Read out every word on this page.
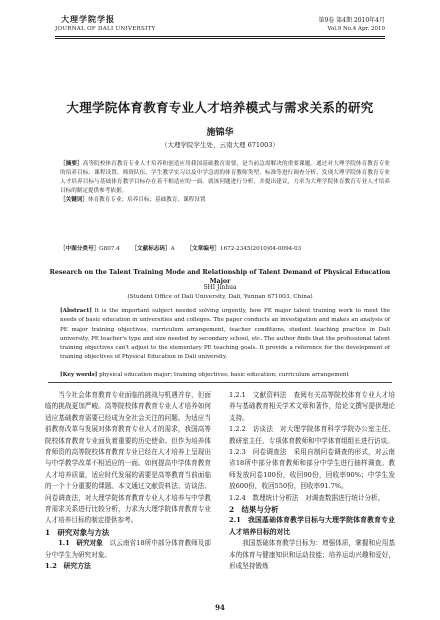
大理学院学报
JOURNAL OF DALI UNIVERSITY
第9卷 第4期 2010年4月
Vol.9 No.4 Apr. 2010
大理学院体育教育专业人才培养模式与需求关系的研究
施锦华
（大理学院学生处，云南大理 671003）
［摘要］高等院校体育教育专业人才培养和创造应用我国基础教育需要，是当前急需解决的重要课题。通过对大理学院体育教育专业的培养目标、课程设置、师资队伍、学生教学实习以及中学急需的体育教师类型、标准等进行调查分析，发现大理学院体育教育专业人才培养目标与基础体育教学目标存在着不相适应的一面。就该问题进行分析，并提出建议，力求为大理学院体育教育专业人才培养目标的制定提供参考依据。
［关键词］体育教育专业；培养目标；基础教育；课程设置
［中图分类号］G807.4 ［文献标志码］A ［文章编号］1672-2345(2010)04-0094-03
Research on the Talent Training Mode and Relationship of Talent Demand of Physical Education Major
SHI Jinhua
(Student Office of Dali University, Dali, Yunnan 671003, China)
[Abstract] It is the important subject needed solving urgently, how PE major talent training work to meet the needs of basic education in universities and colleges. The paper conducts an investigation and makes an analysis of PE major training objectives, curriculum arrangement, teacher conditions, student teaching practice in Dali university, PE teacher's type and size needed by secondary school, etc. The author finds that the professional talent training objectives can't adjust to the elementary PE teaching goals. It provide a reference for the development of training objectives of Physical Education in Dali university.
[Key words] physical education major; training objectives; basic education; curriculum arrangement

当今社会体育教育专业面临的挑战与机遇并存，但面临的挑战更加严峻。高等院校体育教育专业人才培养如何适应基础教育需要已经成为全社会关注的问题。为适应当前教育改革与发展对体育教育专业人才的需求，我国高等院校体育教育专业面负着重要的历史使命。但作为培养体育师资的高等院校体育教育专业已经在人才培养上呈现出与中学教学改革不相适应的一面。如何提高中学体育教育人才培养质量，适应时代发展的需要是高等教育当前面临的一个十分重要的课题。本文通过文献资料法、访谈法、问卷调查法，对大理学院体育教育专业人才培养与中学教育需求关系进行比较分析，力求为大理学院体育教育专业人才培养目标的制定提供参考。

1　研究对象与方法

1.1　研究对象　 以云南省18所中部分体育教师及部分中学生为研究对象。

1.2　研究方法

1.2.1　文献资料法　 查阅有关高等院校体育专业人才培养与基础教育相关学术文章和著作，给论文撰写提供理论支持。

1.2.2　访谈法　 对大理学院体育科学学院办公室主任、教研室主任、专项体育教师和中学体育组组长进行访谈。

1.2.3　问卷调查法　 采用自制问卷调查的形式，对云南省18所中部分体育教师和部分中学生进行抽样调查。教师发放问卷100份，收回90份，回收率90%；中学生发放600份，收回550份，回收率91.7%。

1.2.4　数理统计分析法　 对调查数据进行统计分析。

2　结果与分析

2.1　我国基础体育教学目标与大理学院体育教育专业人才培养目标的对比

我国基础体育教学目标为：增强体质，掌握和应用基本的体育与健康知识和运动技能；培养运动兴趣和爱好，形成坚持锻炼

94
